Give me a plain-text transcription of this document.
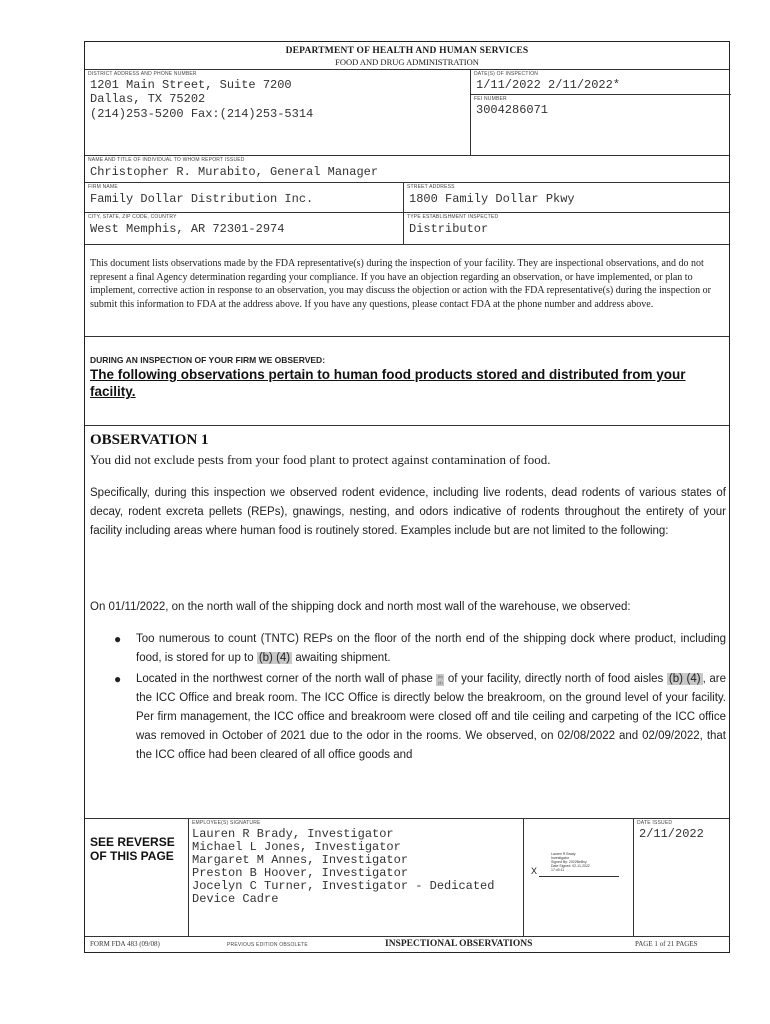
DEPARTMENT OF HEALTH AND HUMAN SERVICES
FOOD AND DRUG ADMINISTRATION
DISTRICT ADDRESS AND PHONE NUMBER
1201 Main Street, Suite 7200
Dallas, TX 75202
(214)253-5200 Fax:(214)253-5314
DATE(S) OF INSPECTION
1/11/2022 2/11/2022*
FEI NUMBER
3004286071
NAME AND TITLE OF INDIVIDUAL TO WHOM REPORT ISSUED
Christopher R. Murabito, General Manager
FIRM NAME
Family Dollar Distribution Inc.
STREET ADDRESS
1800 Family Dollar Pkwy
CITY, STATE, ZIP CODE, COUNTRY
West Memphis, AR 72301-2974
TYPE ESTABLISHMENT INSPECTED
Distributor
This document lists observations made by the FDA representative(s) during the inspection of your facility. They are inspectional observations, and do not represent a final Agency determination regarding your compliance. If you have an objection regarding an observation, or have implemented, or plan to implement, corrective action in response to an observation, you may discuss the objection or action with the FDA representative(s) during the inspection or submit this information to FDA at the address above. If you have any questions, please contact FDA at the phone number and address above.
DURING AN INSPECTION OF YOUR FIRM WE OBSERVED:
The following observations pertain to human food products stored and distributed from your facility.
OBSERVATION 1
You did not exclude pests from your food plant to protect against contamination of food.
Specifically, during this inspection we observed rodent evidence, including live rodents, dead rodents of various states of decay, rodent excreta pellets (REPs), gnawings, nesting, and odors indicative of rodents throughout the entirety of your facility including areas where human food is routinely stored. Examples include but are not limited to the following:
On 01/11/2022, on the north wall of the shipping dock and north most wall of the warehouse, we observed:
● Too numerous to count (TNTC) REPs on the floor of the north end of the shipping dock where product, including food, is stored for up to (b) (4) awaiting shipment.
● Located in the northwest corner of the north wall of phase (b)(4) of your facility, directly north of food aisles (b) (4) , are the ICC Office and break room. The ICC Office is directly below the breakroom, on the ground level of your facility. Per firm management, the ICC office and breakroom were closed off and tile ceiling and carpeting of the ICC office was removed in October of 2021 due to the odor in the rooms. We observed, on 02/08/2022 and 02/09/2022, that the ICC office had been cleared of all office goods and
SEE REVERSE OF THIS PAGE
EMPLOYEE(S) SIGNATURE
Lauren R Brady, Investigator
Michael L Jones, Investigator
Margaret M Annes, Investigator
Preston B Hoover, Investigator
Jocelyn C Turner, Investigator - Dedicated
Device Cadre
X
Lauren R Brady
Investigator
Signed By: 2022BeBvy
Date Signed: 02-11-2022
17:40:11
DATE ISSUED
2/11/2022
FORM FDA 483 (09/08)	PREVIOUS EDITION OBSOLETE	INSPECTIONAL OBSERVATIONS	PAGE 1 of 21 PAGES
